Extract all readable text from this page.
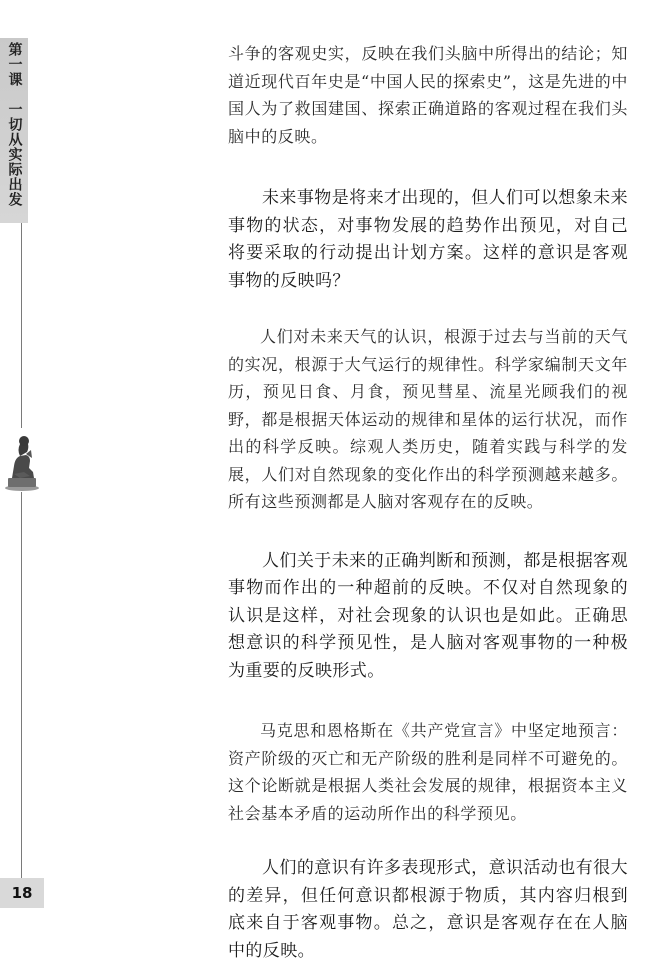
第一课　一切从实际出发
18

斗争的客观史实，反映在我们头脑中所得出的结论；知道近现代百年史是“中国人民的探索史”，这是先进的中国人为了救国建国、探索正确道路的客观过程在我们头脑中的反映。

未来事物是将来才出现的，但人们可以想象未来事物的状态，对事物发展的趋势作出预见，对自己将要采取的行动提出计划方案。这样的意识是客观事物的反映吗？

人们对未来天气的认识，根源于过去与当前的天气的实况，根源于大气运行的规律性。科学家编制天文年历，预见日食、月食，预见彗星、流星光顾我们的视野，都是根据天体运动的规律和星体的运行状况，而作出的科学反映。综观人类历史，随着实践与科学的发展，人们对自然现象的变化作出的科学预测越来越多。所有这些预测都是人脑对客观存在的反映。

人们关于未来的正确判断和预测，都是根据客观事物而作出的一种超前的反映。不仅对自然现象的认识是这样，对社会现象的认识也是如此。正确思想意识的科学预见性，是人脑对客观事物的一种极为重要的反映形式。

马克思和恩格斯在《共产党宣言》中坚定地预言：资产阶级的灭亡和无产阶级的胜利是同样不可避免的。这个论断就是根据人类社会发展的规律，根据资本主义社会基本矛盾的运动所作出的科学预见。

人们的意识有许多表现形式，意识活动也有很大的差异，但任何意识都根源于物质，其内容归根到底来自于客观事物。总之，意识是客观存在在人脑中的反映。
